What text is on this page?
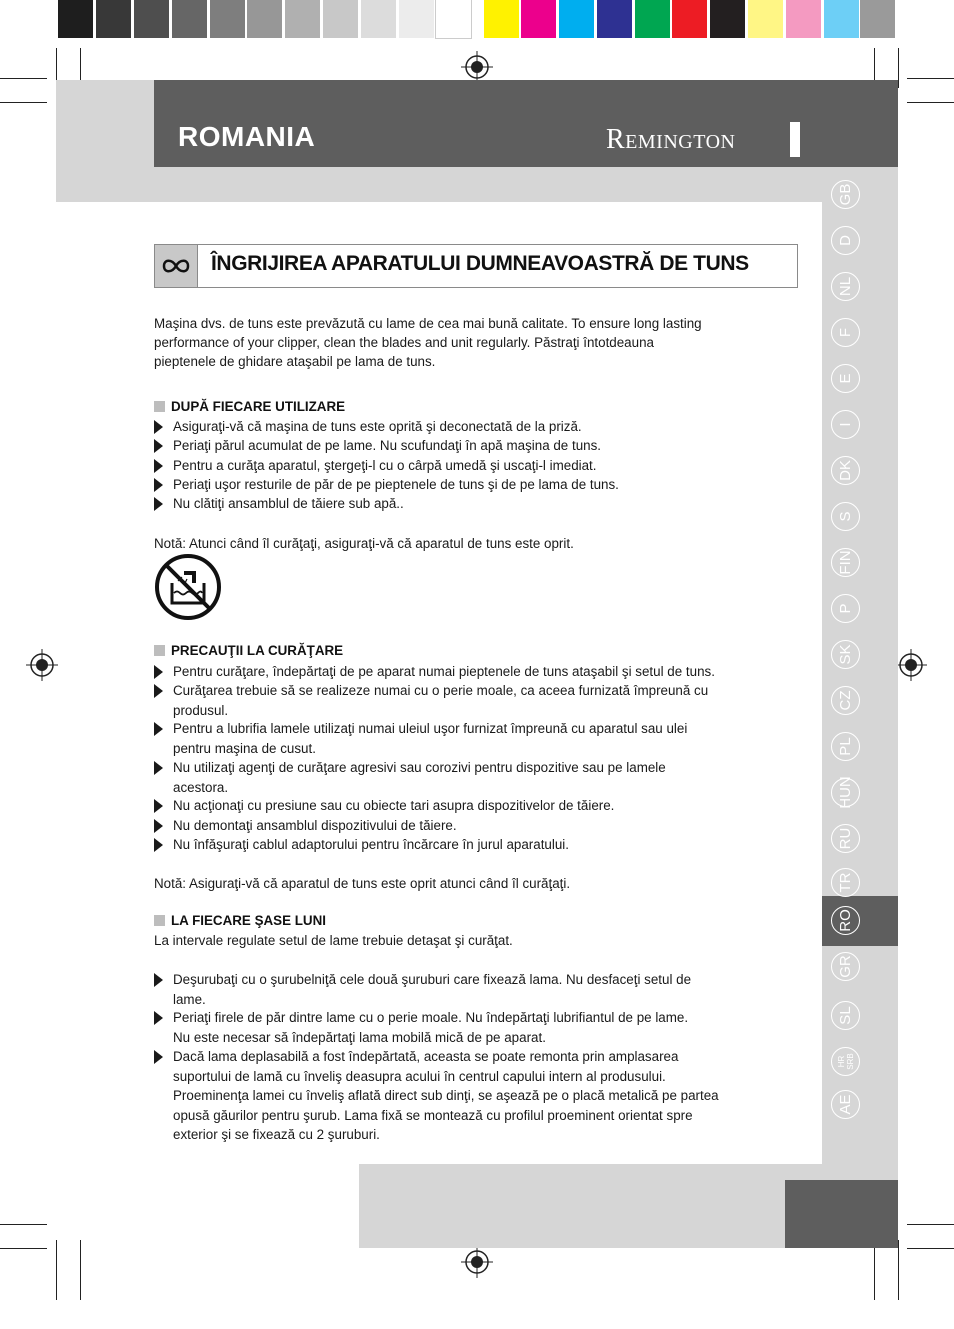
ROMANIA	Remington
GB
D
NL
F
E
I
DK
S
FIN
P
SK
CZ
PL
HUN
RU
TR
RO
GR
SL
HR
SRB
AE
ÎNGRIJIREA APARATULUI DUMNEAVOASTRĂ DE TUNS
Maşina dvs. de tuns este prevăzută cu lame de cea mai bună calitate. To ensure long lasting
performance of your clipper, clean the blades and unit regularly. Păstraţi întotdeauna
pieptenele de ghidare ataşabil pe lama de tuns.
DUPĂ FIECARE UTILIZARE
Asiguraţi-vă că maşina de tuns este oprită şi deconectată de la priză.
Periaţi părul acumulat de pe lame. Nu scufundaţi în apă maşina de tuns.
Pentru a curăţa aparatul, ştergeţi-l cu o cârpă umedă şi uscaţi-l imediat.
Periaţi uşor resturile de păr de pe pieptenele de tuns şi de pe lama de tuns.
Nu clătiţi ansamblul de tăiere sub apă..
Notă: Atunci când îl curăţaţi, asiguraţi-vă că aparatul de tuns este oprit.
PRECAUŢII LA CURĂŢARE
Pentru curăţare, îndepărtaţi de pe aparat numai pieptenele de tuns ataşabil şi setul de tuns.
Curăţarea trebuie să se realizeze numai cu o perie moale, ca aceea furnizată împreună cu
produsul.
Pentru a lubrifia lamele utilizaţi numai uleiul uşor furnizat împreună cu aparatul sau ulei
pentru maşina de cusut.
Nu utilizaţi agenţi de curăţare agresivi sau corozivi pentru dispozitive sau pe lamele
acestora.
Nu acţionaţi cu presiune sau cu obiecte tari asupra dispozitivelor de tăiere.
Nu demontaţi ansamblul dispozitivului de tăiere.
Nu înfăşuraţi cablul adaptorului pentru încărcare în jurul aparatului.
Notă: Asiguraţi-vă că aparatul de tuns este oprit atunci când îl curăţaţi.
LA FIECARE ŞASE LUNI
La intervale regulate setul de lame trebuie detaşat şi curăţat.
Deşurubaţi cu o şurubelniţă cele două şuruburi care fixează lama. Nu desfaceţi setul de
lame.
Periaţi firele de păr dintre lame cu o perie moale. Nu îndepărtaţi lubrifiantul de pe lame.
Nu este necesar să îndepărtaţi lama mobilă mică de pe aparat.
Dacă lama deplasabilă a fost îndepărtată, aceasta se poate remonta prin amplasarea
suportului de lamă cu înveliş deasupra acului în centrul capului intern al produsului.
Proeminenţa lamei cu înveliş aflată direct sub dinţi, se aşează pe o placă metalică pe partea
opusă găurilor pentru şurub. Lama fixă se montează cu profilul proeminent orientat spre
exterior şi se fixează cu 2 şuruburi.
